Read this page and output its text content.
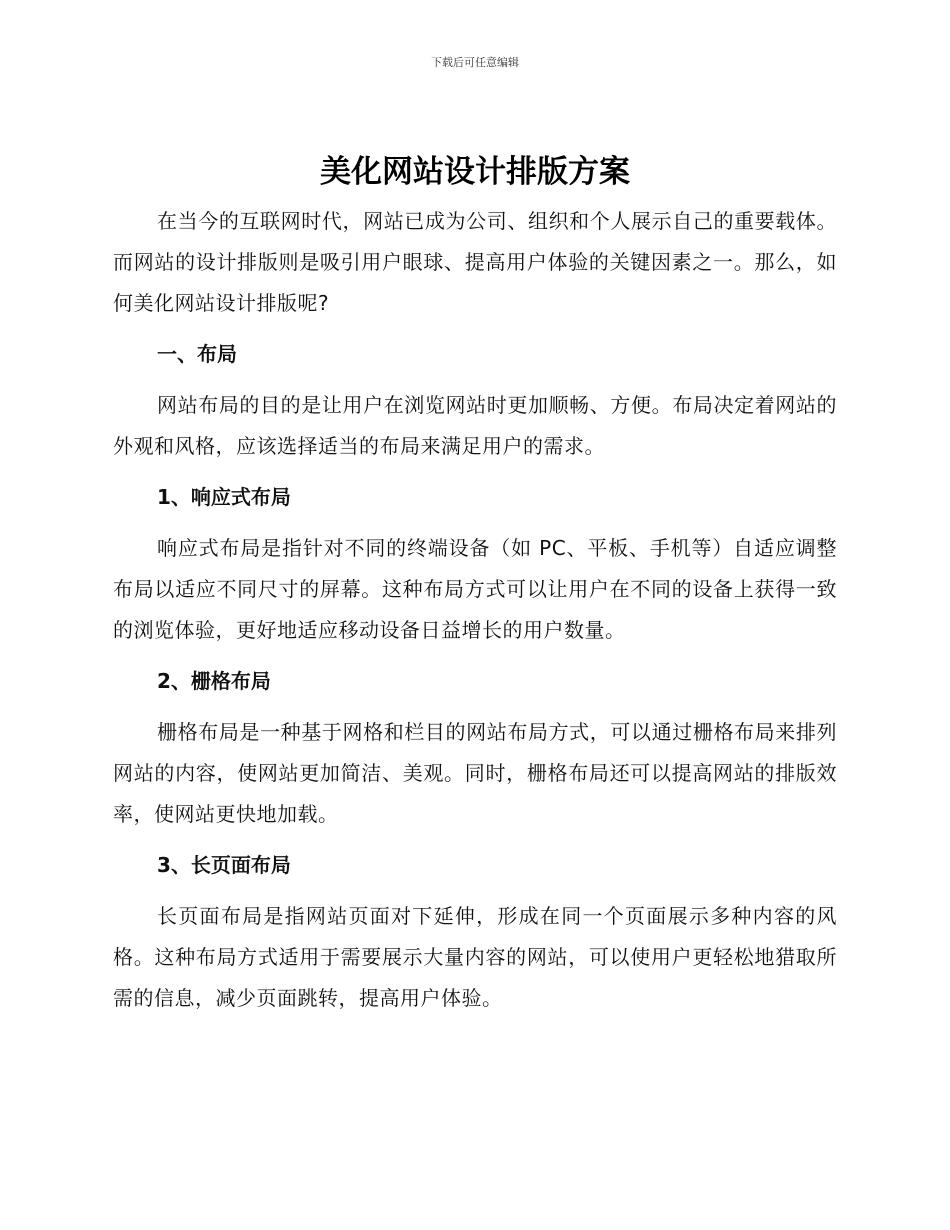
下载后可任意编辑
美化网站设计排版方案

在当今的互联网时代，网站已成为公司、组织和个人展示自己的重要载体。而网站的设计排版则是吸引用户眼球、提高用户体验的关键因素之一。那么，如何美化网站设计排版呢?

一、布局

网站布局的目的是让用户在浏览网站时更加顺畅、方便。布局决定着网站的外观和风格，应该选择适当的布局来满足用户的需求。

1、响应式布局

响应式布局是指针对不同的终端设备（如 PC、平板、手机等）自适应调整布局以适应不同尺寸的屏幕。这种布局方式可以让用户在不同的设备上获得一致的浏览体验，更好地适应移动设备日益增长的用户数量。

2、栅格布局

栅格布局是一种基于网格和栏目的网站布局方式，可以通过栅格布局来排列网站的内容，使网站更加简洁、美观。同时，栅格布局还可以提高网站的排版效率，使网站更快地加载。

3、长页面布局

长页面布局是指网站页面对下延伸，形成在同一个页面展示多种内容的风格。这种布局方式适用于需要展示大量内容的网站，可以使用户更轻松地猎取所需的信息，减少页面跳转，提高用户体验。
